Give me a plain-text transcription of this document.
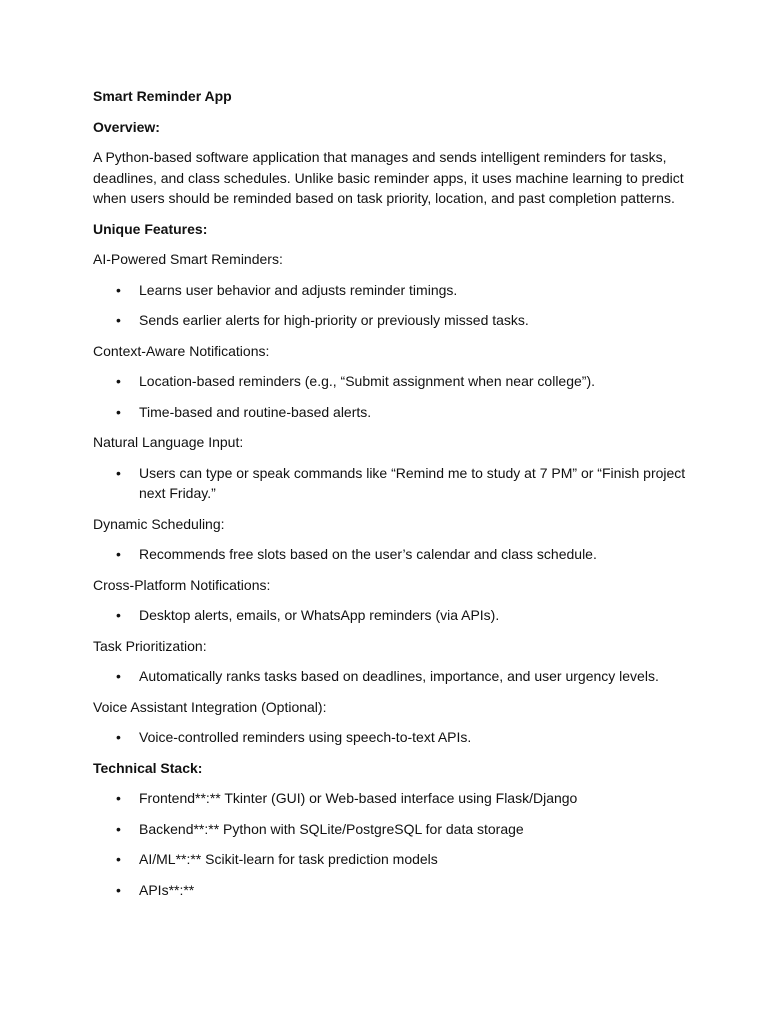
Smart Reminder App

Overview:

A Python-based software application that manages and sends intelligent reminders for tasks, deadlines, and class schedules. Unlike basic reminder apps, it uses machine learning to predict when users should be reminded based on task priority, location, and past completion patterns.

Unique Features:

AI-Powered Smart Reminders:

• Learns user behavior and adjusts reminder timings.
• Sends earlier alerts for high-priority or previously missed tasks.

Context-Aware Notifications:

• Location-based reminders (e.g., “Submit assignment when near college”).
• Time-based and routine-based alerts.

Natural Language Input:

• Users can type or speak commands like “Remind me to study at 7 PM” or “Finish project next Friday.”

Dynamic Scheduling:

• Recommends free slots based on the user’s calendar and class schedule.

Cross-Platform Notifications:

• Desktop alerts, emails, or WhatsApp reminders (via APIs).

Task Prioritization:

• Automatically ranks tasks based on deadlines, importance, and user urgency levels.

Voice Assistant Integration (Optional):

• Voice-controlled reminders using speech-to-text APIs.

Technical Stack:

• Frontend**:** Tkinter (GUI) or Web-based interface using Flask/Django
• Backend**:** Python with SQLite/PostgreSQL for data storage
• AI/ML**:** Scikit-learn for task prediction models
• APIs**:**
